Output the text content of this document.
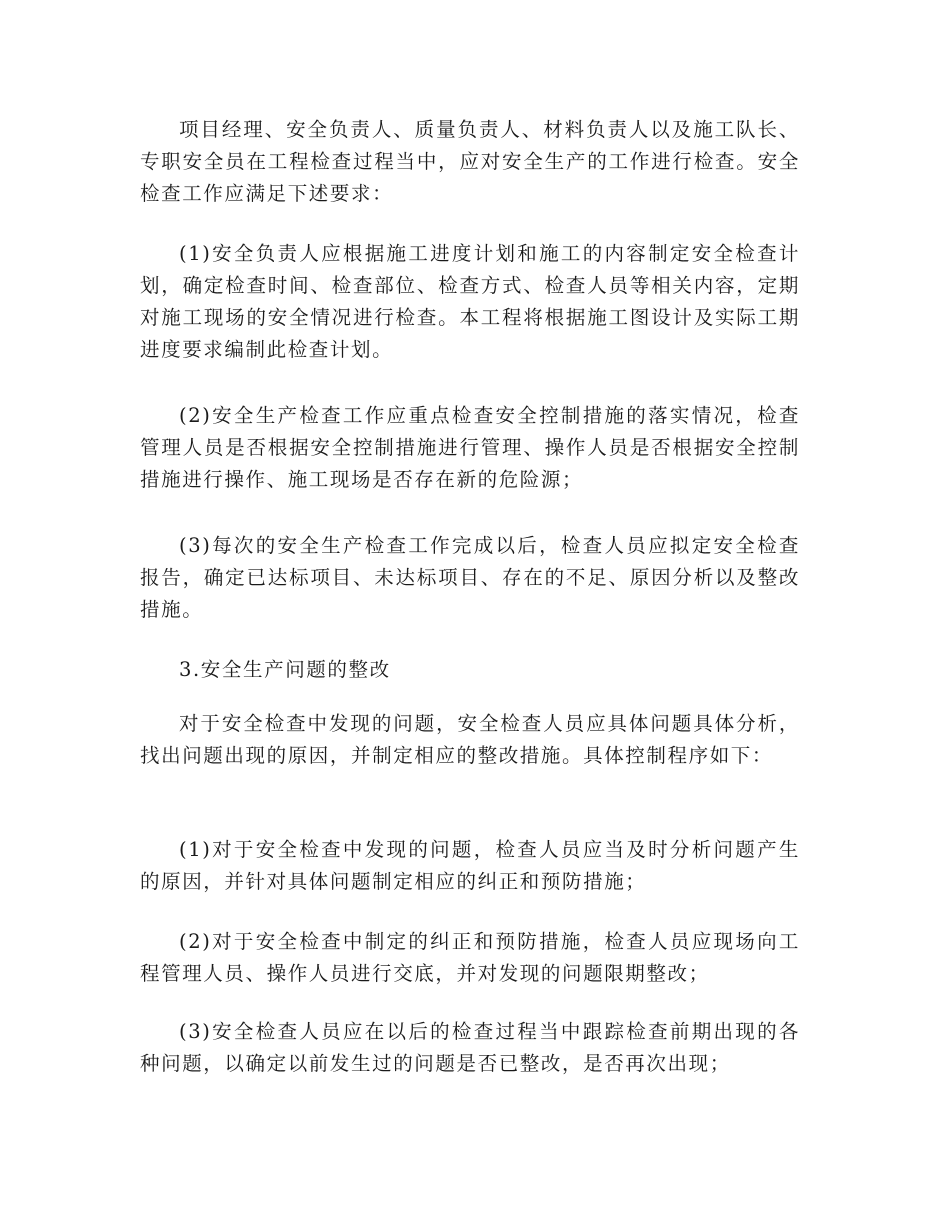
项目经理、安全负责人、质量负责人、材料负责人以及施工队长、专职安全员在工程检查过程当中，应对安全生产的工作进行检查。安全检查工作应满足下述要求：

(1)安全负责人应根据施工进度计划和施工的内容制定安全检查计划，确定检查时间、检查部位、检查方式、检查人员等相关内容，定期对施工现场的安全情况进行检查。本工程将根据施工图设计及实际工期进度要求编制此检查计划。

(2)安全生产检查工作应重点检查安全控制措施的落实情况，检查管理人员是否根据安全控制措施进行管理、操作人员是否根据安全控制措施进行操作、施工现场是否存在新的危险源；

(3)每次的安全生产检查工作完成以后，检查人员应拟定安全检查报告，确定已达标项目、未达标项目、存在的不足、原因分析以及整改措施。

3.安全生产问题的整改

对于安全检查中发现的问题，安全检查人员应具体问题具体分析，找出问题出现的原因，并制定相应的整改措施。具体控制程序如下：

(1)对于安全检查中发现的问题，检查人员应当及时分析问题产生的原因，并针对具体问题制定相应的纠正和预防措施；

(2)对于安全检查中制定的纠正和预防措施，检查人员应现场向工程管理人员、操作人员进行交底，并对发现的问题限期整改；

(3)安全检查人员应在以后的检查过程当中跟踪检查前期出现的各种问题，以确定以前发生过的问题是否已整改，是否再次出现；
